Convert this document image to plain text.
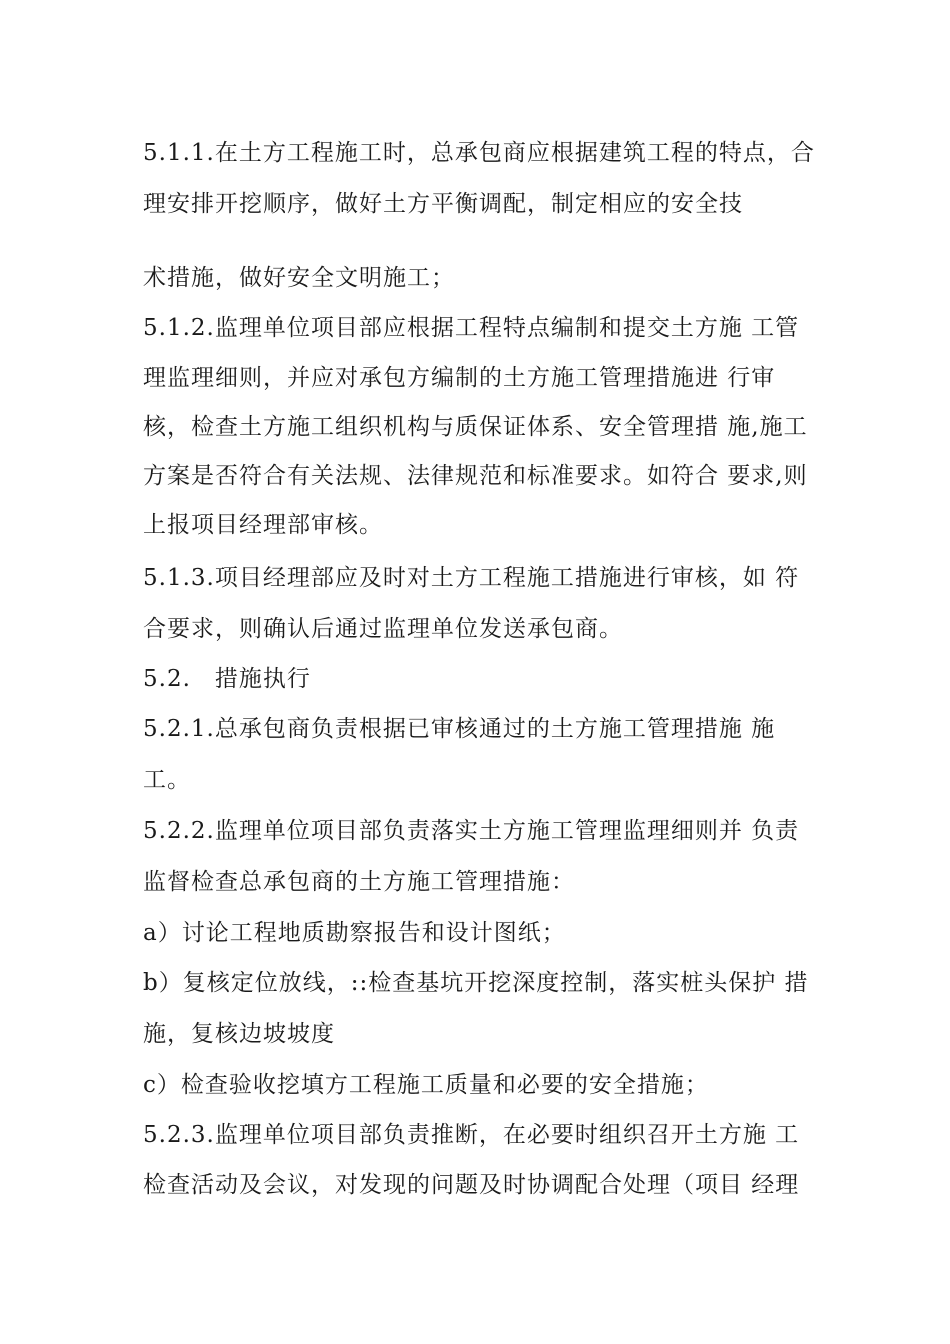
5.1.1.在土方工程施工时，总承包商应根据建筑工程的特点，合
理安排开挖顺序，做好土方平衡调配，制定相应的安全技
术措施，做好安全文明施工；
5.1.2.监理单位项目部应根据工程特点编制和提交土方施 工管
理监理细则，并应对承包方编制的土方施工管理措施进 行审
核，检查土方施工组织机构与质保证体系、安全管理措 施,施工
方案是否符合有关法规、法律规范和标准要求。如符合 要求,则
上报项目经理部审核。
5.1.3.项目经理部应及时对土方工程施工措施进行审核，如 符
合要求，则确认后通过监理单位发送承包商。
5.2.　措施执行
5.2.1.总承包商负责根据已审核通过的土方施工管理措施 施
工。
5.2.2.监理单位项目部负责落实土方施工管理监理细则并 负责
监督检查总承包商的土方施工管理措施：
a）讨论工程地质勘察报告和设计图纸；
b）复核定位放线，::检查基坑开挖深度控制，落实桩头保护 措
施，复核边坡坡度
c）检查验收挖填方工程施工质量和必要的安全措施；
5.2.3.监理单位项目部负责推断，在必要时组织召开土方施 工
检查活动及会议，对发现的问题及时协调配合处理（项目 经理
